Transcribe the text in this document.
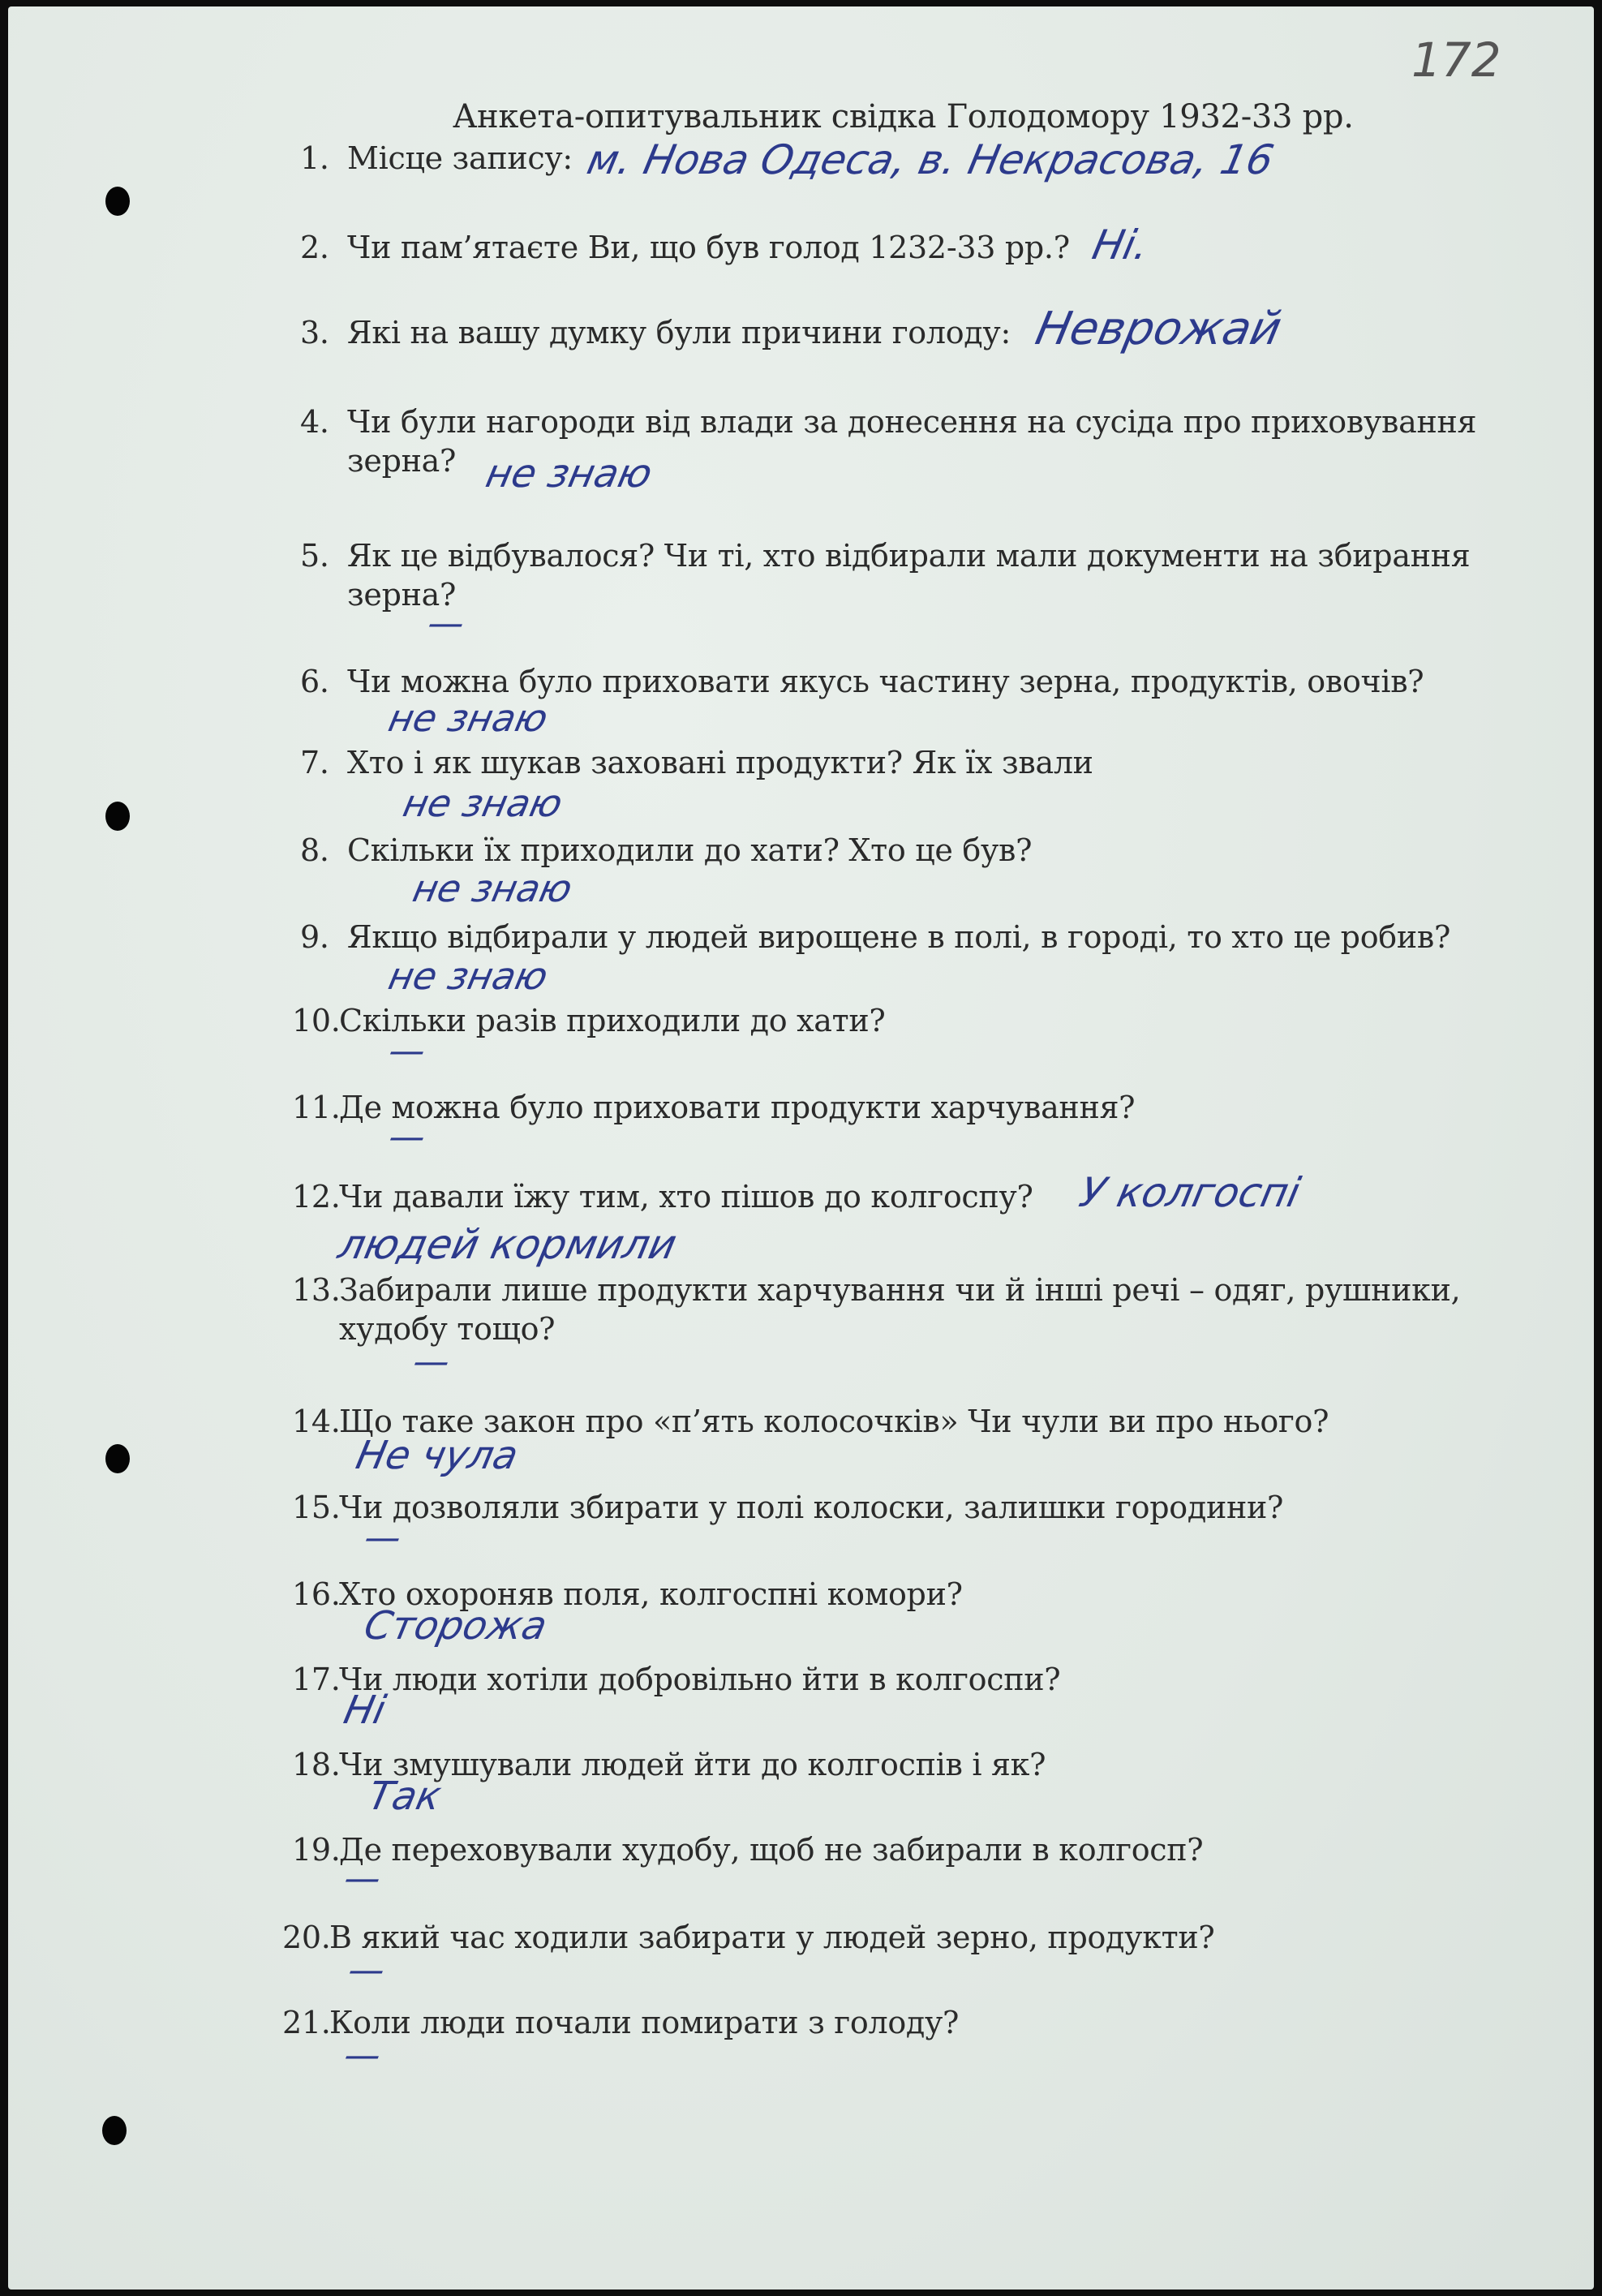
172
Анкета-опитувальник свідка Голодомору 1932-33 рр.
1. Місце запису: м. Нова Одеса, в. Некрасова, 16
2. Чи пам’ятаєте Ви, що був голод 1232-33 рр.? Ні.
3. Які на вашу думку були причини голоду: Неврожай
4. Чи були нагороди від влади за донесення на сусіда про приховування
зерна? не знаю
5. Як це відбувалося? Чи ті, хто відбирали мали документи на збирання
зерна?
—
6. Чи можна було приховати якусь частину зерна, продуктів, овочів?
не знаю
7. Хто і як шукав заховані продукти? Як їх звали
не знаю
8. Скільки їх приходили до хати? Хто це був?
не знаю
9. Якщо відбирали у людей вирощене в полі, в городі, то хто це робив?
не знаю
10.
Скільки разів приходили до хати?
—
11.
Де можна було приховати продукти харчування?
—
12.
Чи давали їжу тим, хто пішов до колгоспу?	У колгоспі людей кормили
13.
Забирали лише продукти харчування чи й інші речі – одяг, рушники,
худобу тощо?
—
14.
Що таке закон про «п’ять колосочків» Чи чули ви про нього?
Не чула
15.
Чи дозволяли збирати у полі колоски, залишки городини?
—
16.
Хто охороняв поля, колгоспні комори?
Сторожа
17.
Чи люди хотіли добровільно йти в колгоспи?
Ні
18.
Чи змушували людей йти до колгоспів і як?
Так
19.
Де переховували худобу, щоб не забирали в колгосп?
—
20.
В який час ходили забирати у людей зерно, продукти?
—
21.
Коли люди почали помирати з голоду?
—
